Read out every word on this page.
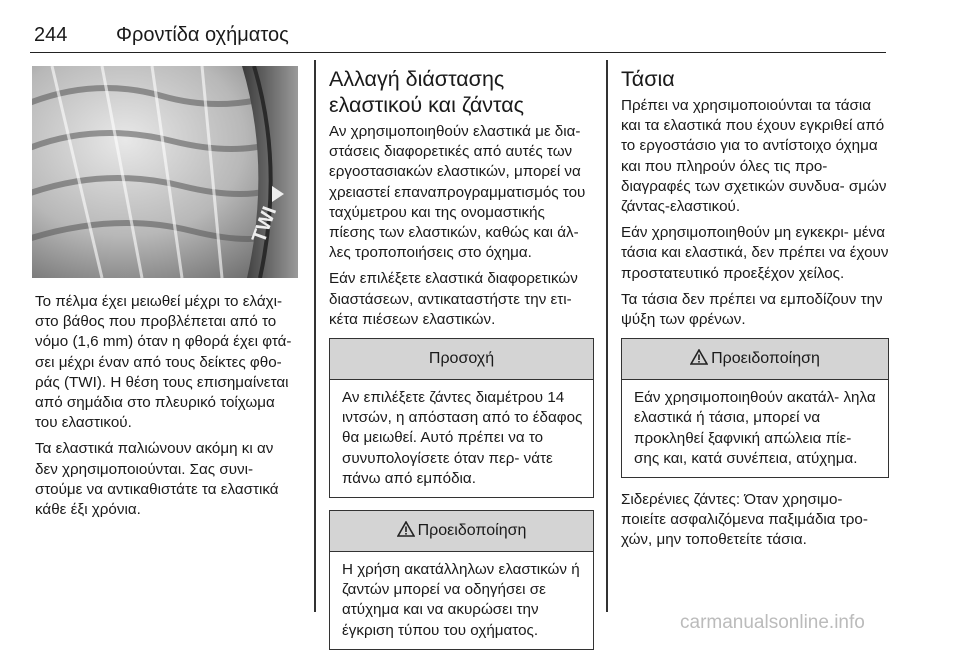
244 Φροντίδα οχήματος
TWI

Το πέλμα έχει μειωθεί μέχρι το ελάχι- στο βάθος που προβλέπεται από το νόμο (1,6 mm) όταν η φθορά έχει φτά- σει μέχρι έναν από τους δείκτες φθο- ράς (TWI). Η θέση τους επισημαίνεται από σημάδια στο πλευρικό τοίχωμα του ελαστικού.

Τα ελαστικά παλιώνουν ακόμη κι αν δεν χρησιμοποιούνται. Σας συνι- στούμε να αντικαθιστάτε τα ελαστικά κάθε έξι χρόνια.

Αλλαγή διάστασης ελαστικού και ζάντας

Αν χρησιμοποιηθούν ελαστικά με δια- στάσεις διαφορετικές από αυτές των εργοστασιακών ελαστικών, μπορεί να χρειαστεί επαναπρογραμματισμός του ταχύμετρου και της ονομαστικής πίεσης των ελαστικών, καθώς και άλ- λες τροποποιήσεις στο όχημα.

Εάν επιλέξετε ελαστικά διαφορετικών διαστάσεων, αντικαταστήστε την ετι- κέτα πιέσεων ελαστικών.

Προσοχή
Αν επιλέξετε ζάντες διαμέτρου 14 ιντσών, η απόσταση από το έδαφος θα μειωθεί. Αυτό πρέπει να το συνυπολογίσετε όταν περ- νάτε πάνω από εμπόδια.
Προειδοποίηση
Η χρήση ακατάλληλων ελαστικών ή ζαντών μπορεί να οδηγήσει σε ατύχημα και να ακυρώσει την έγκριση τύπου του οχήματος.
Τάσια

Πρέπει να χρησιμοποιούνται τα τάσια και τα ελαστικά που έχουν εγκριθεί από το εργοστάσιο για το αντίστοιχο όχημα και που πληρούν όλες τις προ- διαγραφές των σχετικών συνδυα- σμών ζάντας-ελαστικού.

Εάν χρησιμοποιηθούν μη εγκεκρι- μένα τάσια και ελαστικά, δεν πρέπει να έχουν προστατευτικό προεξέχον χείλος.

Τα τάσια δεν πρέπει να εμποδίζουν την ψύξη των φρένων.

Προειδοποίηση
Εάν χρησιμοποιηθούν ακατάλ- ληλα ελαστικά ή τάσια, μπορεί να προκληθεί ξαφνική απώλεια πίε- σης και, κατά συνέπεια, ατύχημα.

Σιδερένιες ζάντες: Όταν χρησιμο- ποιείτε ασφαλιζόμενα παξιμάδια τρο- χών, μην τοποθετείτε τάσια.

carmanualsonline.info
